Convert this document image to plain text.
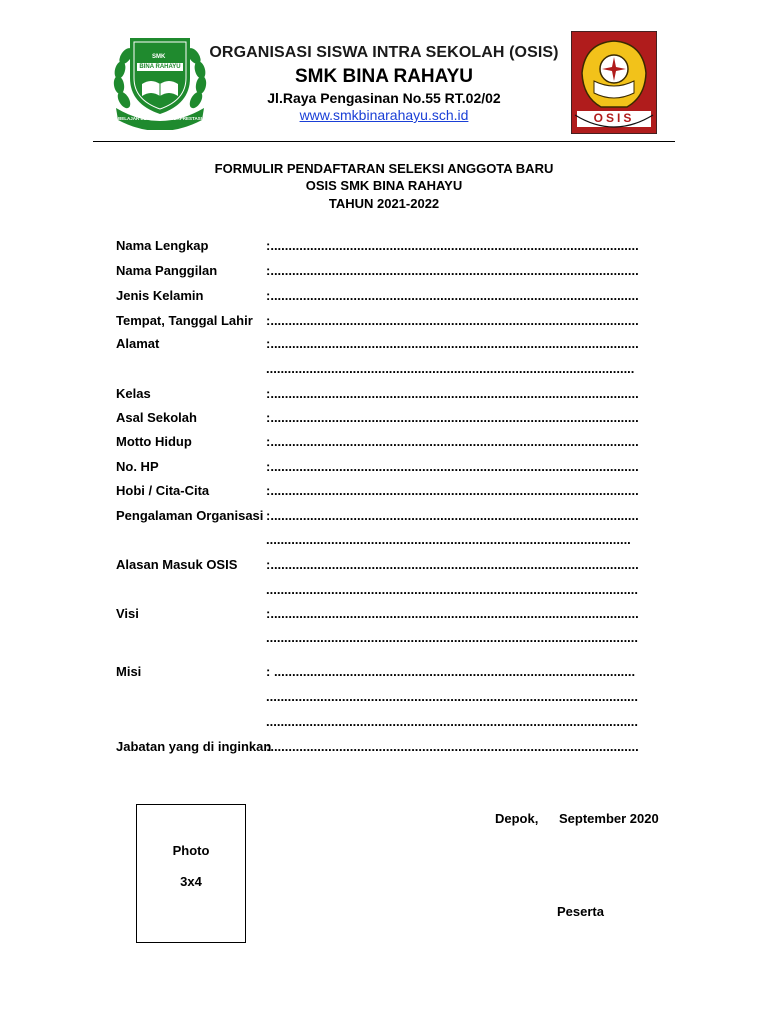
SMK
BINA RAHAYU
BELAJAR BERAKHLAK BERPRESTASI	OSIS
ORGANISASI SISWA INTRA SEKOLAH (OSIS)
SMK BINA RAHAYU
Jl.Raya Pengasinan No.55 RT.02/02
www.smkbinarahayu.sch.id
FORMULIR PENDAFTARAN SELEKSI ANGGOTA BARU
OSIS SMK BINA RAHAYU
TAHUN 2021-2022
Nama Lengkap	:......................................................................................................
Nama Panggilan	:......................................................................................................
Jenis Kelamin	:......................................................................................................
Tempat, Tanggal Lahir :......................................................................................................
Alamat	:......................................................................................................
......................................................................................................
Kelas	:......................................................................................................
Asal Sekolah	:......................................................................................................
Motto Hidup	:......................................................................................................
No. HP	:......................................................................................................
Hobi / Cita-Cita	:......................................................................................................
Pengalaman Organisasi :......................................................................................................
.....................................................................................................
Alasan Masuk OSIS :......................................................................................................
.......................................................................................................
Visi	:......................................................................................................
.......................................................................................................
Misi	: ....................................................................................................
.......................................................................................................
.......................................................................................................
Jabatan yang di inginkan
:......................................................................................................
Photo
3x4
Depok, September 2020
Peserta
